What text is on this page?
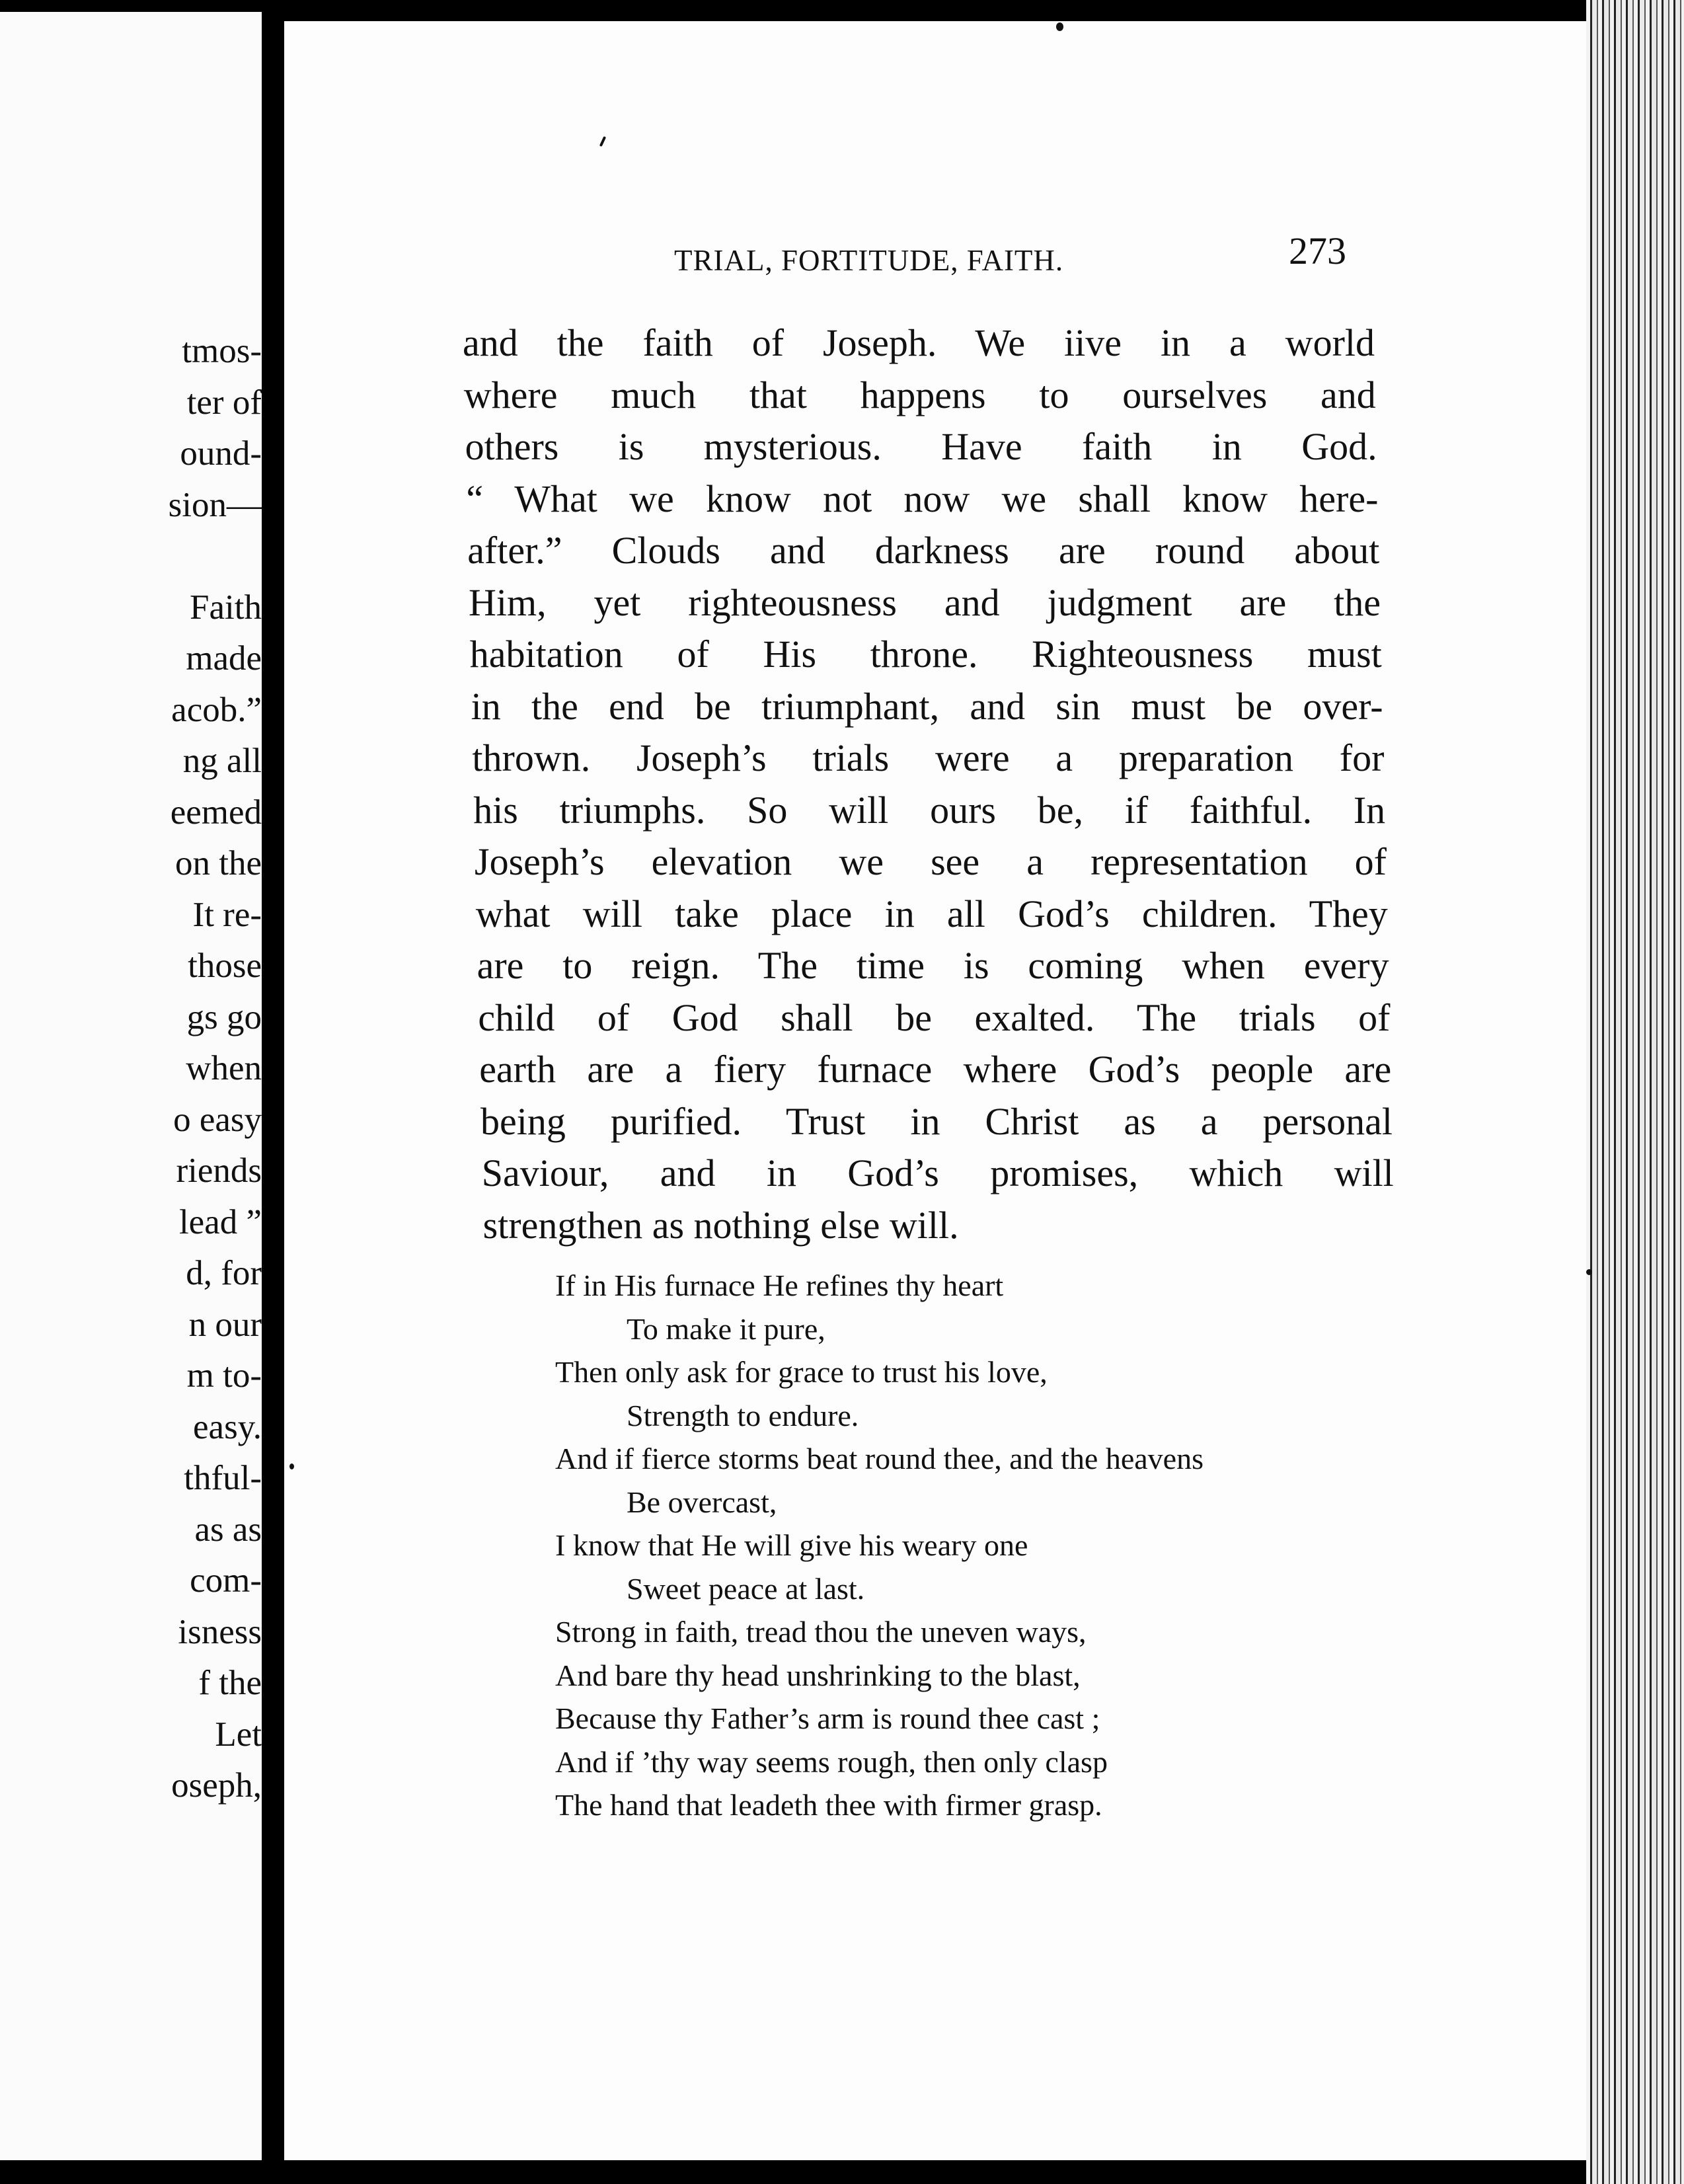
tmos-
ter of
ound-
sion—
Faith
made
acob.”
ng all
eemed
on the
It re-
those
gs go
when
o easy
riends
lead ”
d, for
n our
m to-
easy.
thful-
as as
com-
isness
f the
Let
oseph,
TRIAL, FORTITUDE, FAITH.	273
and the faith of Joseph. We iive in a world
where much that happens to ourselves and
others is mysterious. Have faith in God.
“ What we know not now we shall know here-
after.” Clouds and darkness are round about
Him, yet righteousness and judgment are the
habitation of His throne. Righteousness must
in the end be triumphant, and sin must be over-
thrown. Joseph’s trials were a preparation for
his triumphs. So will ours be, if faithful. In
Joseph’s elevation we see a representation of
what will take place in all God’s children. They
are to reign. The time is coming when every
child of God shall be exalted. The trials of
earth are a fiery furnace where God’s people are
being purified. Trust in Christ as a personal
Saviour, and in God’s promises, which will
strengthen as nothing else will.
If in His furnace He refines thy heart
To make it pure,
Then only ask for grace to trust his love,
Strength to endure.
And if fierce storms beat round thee, and the heavens
Be overcast,
I know that He will give his weary one
Sweet peace at last.
Strong in faith, tread thou the uneven ways,
And bare thy head unshrinking to the blast,
Because thy Father’s arm is round thee cast ;
And if ’thy way seems rough, then only clasp
The hand that leadeth thee with firmer grasp.
